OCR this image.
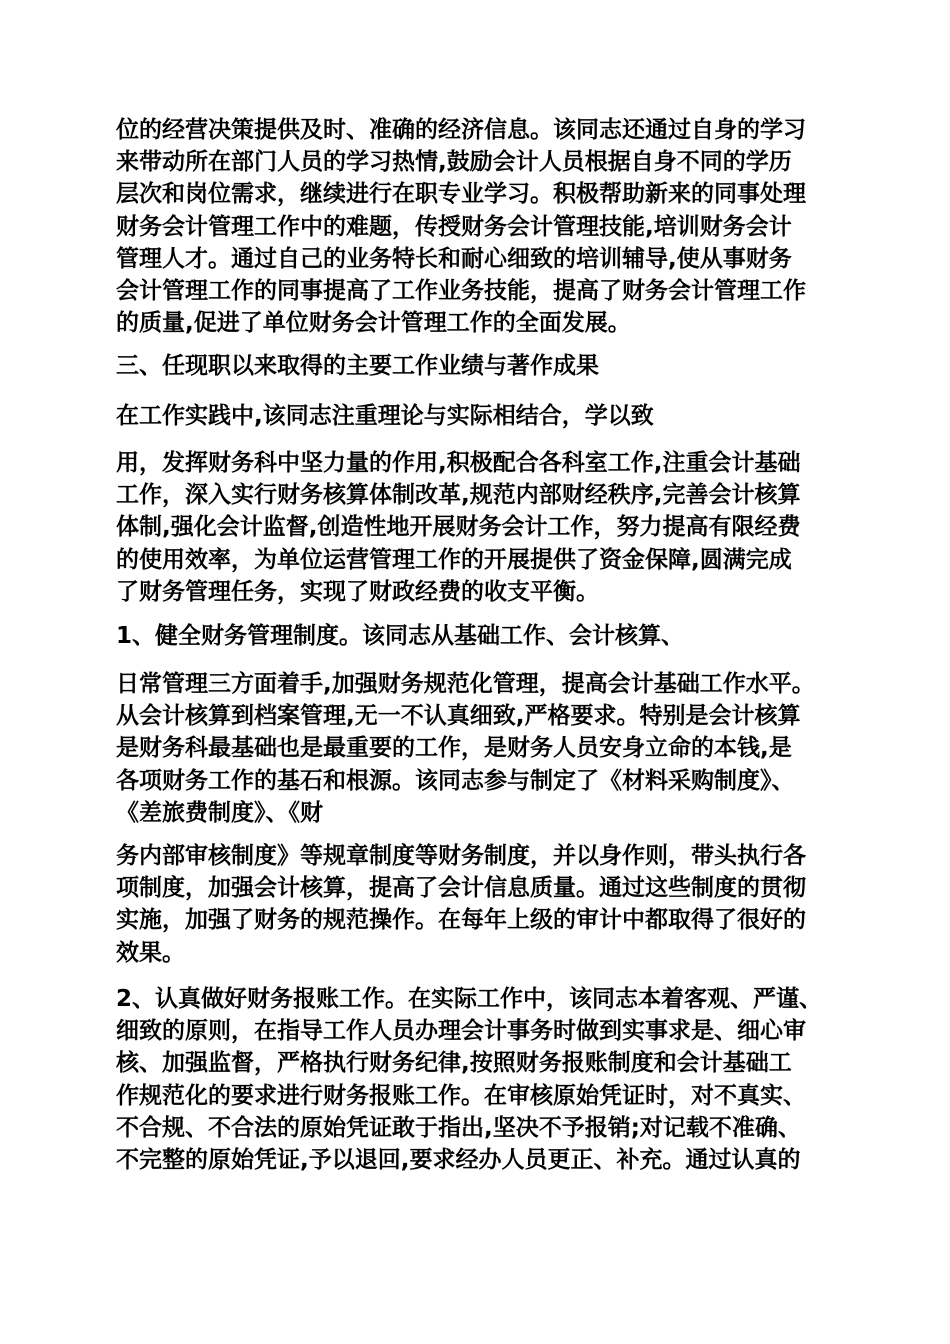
位的经营决策提供及时、准确的经济信息。该同志还通过自身的学习
来带动所在部门人员的学习热情,鼓励会计人员根据自身不同的学历
层次和岗位需求，继续进行在职专业学习。积极帮助新来的同事处理
财务会计管理工作中的难题，传授财务会计管理技能,培训财务会计
管理人才。通过自己的业务特长和耐心细致的培训辅导,使从事财务
会计管理工作的同事提高了工作业务技能，提高了财务会计管理工作
的质量,促进了单位财务会计管理工作的全面发展。
三、任现职以来取得的主要工作业绩与著作成果
在工作实践中,该同志注重理论与实际相结合，学以致
用，发挥财务科中坚力量的作用,积极配合各科室工作,注重会计基础
工作，深入实行财务核算体制改革,规范内部财经秩序,完善会计核算
体制,强化会计监督,创造性地开展财务会计工作，努力提高有限经费
的使用效率，为单位运营管理工作的开展提供了资金保障,圆满完成
了财务管理任务，实现了财政经费的收支平衡。
1、健全财务管理制度。该同志从基础工作、会计核算、
日常管理三方面着手,加强财务规范化管理，提高会计基础工作水平。
从会计核算到档案管理,无一不认真细致,严格要求。特别是会计核算
是财务科最基础也是最重要的工作，是财务人员安身立命的本钱,是
各项财务工作的基石和根源。该同志参与制定了《材料采购制度》、
《差旅费制度》、《财
务内部审核制度》等规章制度等财务制度，并以身作则，带头执行各
项制度，加强会计核算，提高了会计信息质量。通过这些制度的贯彻
实施，加强了财务的规范操作。在每年上级的审计中都取得了很好的
效果。
2、认真做好财务报账工作。在实际工作中，该同志本着客观、严谨、
细致的原则，在指导工作人员办理会计事务时做到实事求是、细心审
核、加强监督，严格执行财务纪律,按照财务报账制度和会计基础工
作规范化的要求进行财务报账工作。在审核原始凭证时，对不真实、
不合规、不合法的原始凭证敢于指出,坚决不予报销;对记载不准确、
不完整的原始凭证,予以退回,要求经办人员更正、补充。通过认真的
